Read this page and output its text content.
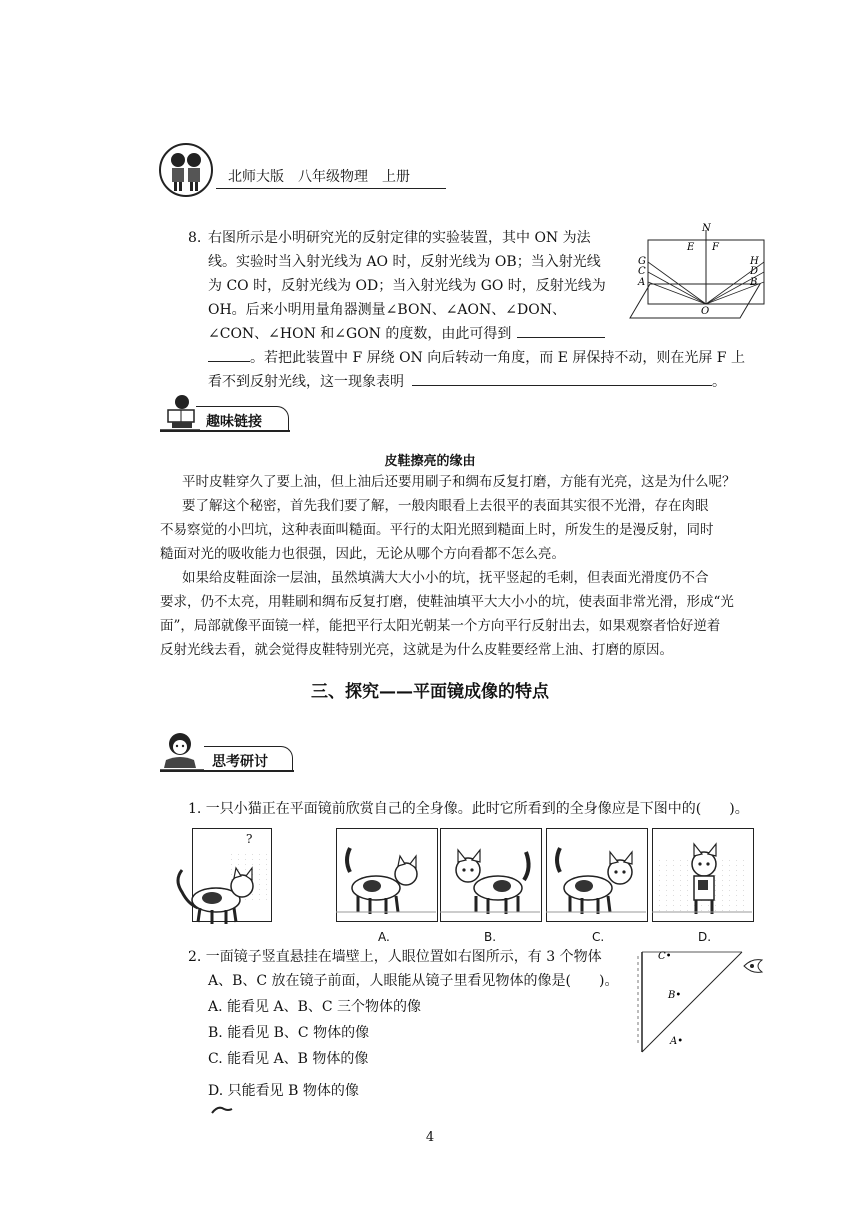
北师大版　八年级物理　上册
8. 右图所示是小明研究光的反射定律的实验装置，其中 ON 为法
线。实验时当入射光线为 AO 时，反射光线为 OB；当入射光线
为 CO 时，反射光线为 OD；当入射光线为 GO 时，反射光线为
OH。后来小明用量角器测量∠BON、∠AON、∠DON、
∠CON、∠HON 和∠GON 的度数，由此可得到
。若把此装置中 F 屏绕 ON 向后转动一角度，而 E 屏保持不动，则在光屏 F 上
看不到反射光线，这一现象表明	。
N
E F
G
C
A
H
D
B
O
趣味链接
皮鞋擦亮的缘由
平时皮鞋穿久了要上油，但上油后还要用刷子和绸布反复打磨，方能有光亮，这是为什么呢？
要了解这个秘密，首先我们要了解，一般肉眼看上去很平的表面其实很不光滑，存在肉眼
不易察觉的小凹坑，这种表面叫糙面。平行的太阳光照到糙面上时，所发生的是漫反射，同时
糙面对光的吸收能力也很强，因此，无论从哪个方向看都不怎么亮。
如果给皮鞋面涂一层油，虽然填满大大小小的坑，抚平竖起的毛刺，但表面光滑度仍不合
要求，仍不太亮，用鞋刷和绸布反复打磨，使鞋油填平大大小小的坑，使表面非常光滑，形成“光
面”，局部就像平面镜一样，能把平行太阳光朝某一个方向平行反射出去，如果观察者恰好逆着
反射光线去看，就会觉得皮鞋特别光亮，这就是为什么皮鞋要经常上油、打磨的原因。
三、探究——平面镜成像的特点
思考研讨
1. 一只小猫正在平面镜前欣赏自己的全身像。此时它所看到的全身像应是下图中的(　　)。
?
A.	B.	C.	D.
2. 一面镜子竖直悬挂在墙壁上，人眼位置如右图所示，有 3 个物体
A、B、C 放在镜子前面，人眼能从镜子里看见物体的像是(　　)。
A. 能看见 A、B、C 三个物体的像
B. 能看见 B、C 物体的像
C. 能看见 A、B 物体的像
D. 只能看见 B 物体的像
C•
B•
A•
4
